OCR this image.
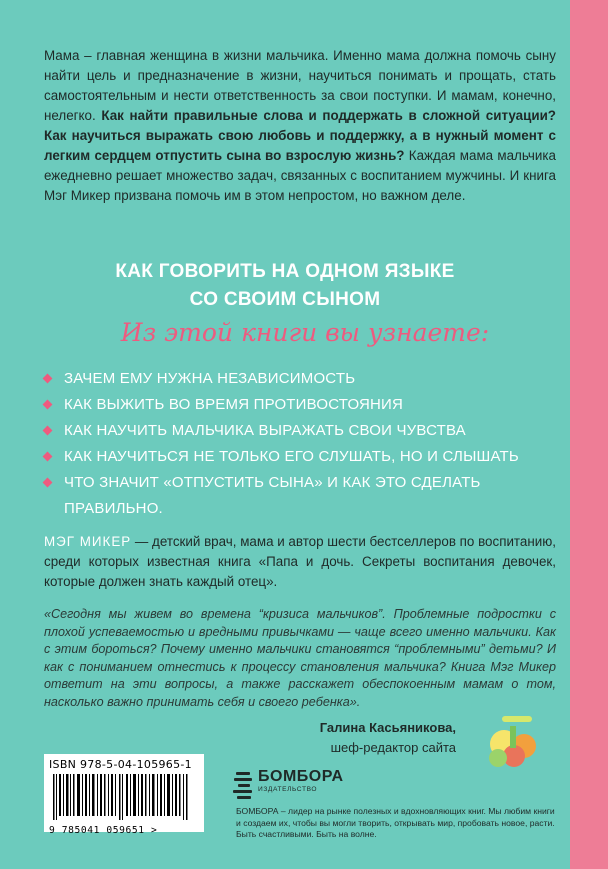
Мама – главная женщина в жизни мальчика. Именно мама должна помочь сыну найти цель и предназначение в жизни, научиться понимать и прощать, стать самостоятельным и нести ответственность за свои поступки. И мамам, конечно, нелегко. Как найти правильные слова и поддержать в сложной ситуации? Как научиться выражать свою любовь и поддержку, а в нужный момент с легким сердцем отпустить сына во взрослую жизнь? Каждая мама мальчика ежедневно решает множество задач, связанных с воспитанием мужчины. И книга Мэг Микер призвана помочь им в этом непростом, но важном деле.
КАК ГОВОРИТЬ НА ОДНОМ ЯЗЫКЕ
СО СВОИМ СЫНОМ
Из этой книги вы узнаете:
ЗАЧЕМ ЕМУ НУЖНА НЕЗАВИСИМОСТЬ
КАК ВЫЖИТЬ ВО ВРЕМЯ ПРОТИВОСТОЯНИЯ
КАК НАУЧИТЬ МАЛЬЧИКА ВЫРАЖАТЬ СВОИ ЧУВСТВА
КАК НАУЧИТЬСЯ НЕ ТОЛЬКО ЕГО СЛУШАТЬ, НО И СЛЫШАТЬ
ЧТО ЗНАЧИТ «ОТПУСТИТЬ СЫНА» И КАК ЭТО СДЕЛАТЬ ПРАВИЛЬНО.
МЭГ МИКЕР — детский врач, мама и автор шести бестселлеров по воспитанию, среди которых известная книга «Папа и дочь. Секреты воспитания девочек, которые должен знать каждый отец».
«Сегодня мы живем во времена “кризиса мальчиков”. Проблемные подростки с плохой успеваемостью и вредными привычками — чаще всего именно мальчики. Как с этим бороться? Почему именно мальчики становятся “проблемными” детьми? И как с пониманием отнестись к процессу становления мальчика? Книга Мэг Микер ответит на эти вопросы, а также расскажет обеспокоенным мамам о том, насколько важно принимать себя и своего ребенка».
Галина Касьяникова,
шеф-редактор сайта
ISBN 978-5-04-105965-1
9 785041 059651 >
БОМБОРА
ИЗДАТЕЛЬСТВО
БОМБОРА – лидер на рынке полезных и вдохновляющих книг. Мы любим книги и создаем их, чтобы вы могли творить, открывать мир, пробовать новое, расти. Быть счастливыми. Быть на волне.
